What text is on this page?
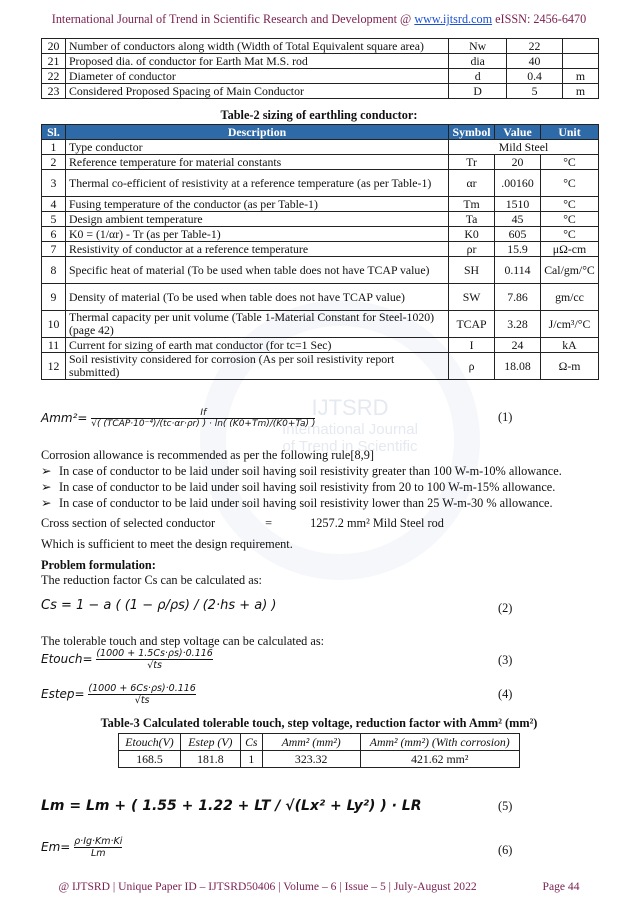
IJTSRD
International Journal
of Trend in Scientific
International Journal of Trend in Scientific Research and Development @ www.ijtsrd.com eISSN: 2456-6470
20	Number of conductors along width (Width of Total Equivalent square area)	Nw	22	
21	Proposed dia. of conductor for Earth Mat M.S. rod	dia	40	
22	Diameter of conductor	d	0.4	m
23	Considered Proposed Spacing of Main Conductor	D	5	m
Table-2 sizing of earthling conductor:
Sl.	Description	Symbol	Value	Unit
1	Type conductor	Mild Steel		
2	Reference temperature for material constants	Tr	20	°C
3	Thermal co-efficient of resistivity at a reference temperature (as per Table-1)	αr	.00160	°C
4	Fusing temperature of the conductor (as per Table-1)	Tm	1510	°C
5	Design ambient temperature	Ta	45	°C
6	K0 = (1/αr) - Tr (as per Table-1)	K0	605	°C
7	Resistivity of conductor at a reference temperature	ρr	15.9	μΩ-cm
8	Specific heat of material (To be used when table does not have TCAP value)	SH	0.114	Cal/gm/°C
9	Density of material (To be used when table does not have TCAP value)	SW	7.86	gm/cc
10	Thermal capacity per unit volume (Table 1-Material Constant for Steel-1020) (page 42)	TCAP	3.28	J/cm³/°C
11	Current for sizing of earth mat conductor (for tc=1 Sec)	I	24	kA
12	Soil resistivity considered for corrosion (As per soil resistivity report submitted)	ρ	18.08	Ω-m
Amm²=	If
√( (TCAP·10⁻⁴)/(tc·αr·ρr) ) · ln( (K0+Tm)/(K0+Ta) )	(1)
Corrosion allowance is recommended as per the following rule[8,9]
➢ In case of conductor to be laid under soil having soil resistivity greater than 100 W-m-10% allowance.
➢ In case of conductor to be laid under soil having soil resistivity from 20 to 100 W-m-15% allowance.
➢ In case of conductor to be laid under soil having soil resistivity lower than 25 W-m-30 % allowance.
Cross section of selected conductor	=	1257.2 mm² Mild Steel rod
Which is sufficient to meet the design requirement.
Problem formulation:
The reduction factor Cs can be calculated as:
Cs = 1 − a ( (1 − ρ/ρs) / (2·hs + a) )	(2)
The tolerable touch and step voltage can be calculated as:
Etouch= $\frac{(1000 + 1.5Cs\cdot\rho s)\cdot 0.116}{√ts}$	(3)
Estep= $\frac{(1000 + 6Cs\cdot\rho s)\cdot 0.116}{√ts}$	(4)
Table-3 Calculated tolerable touch, step voltage, reduction factor with Amm² (mm²)
Etouch(V)	Estep (V)	Cs	Amm² (mm²)	Amm² (mm²) (With corrosion)
168.5	181.8	1	323.32	421.62 mm²
Lm = Lm + ( 1.55 + 1.22 + LT / √(Lx² + Ly²) ) · LR	(5)
$Em= \frac{\rho\cdot Ig\cdot Km\cdot Ki}{Lm}$	(6)
@ IJTSRD | Unique Paper ID – IJTSRD50406 | Volume – 6 | Issue – 5 | July-August 2022	Page 44
